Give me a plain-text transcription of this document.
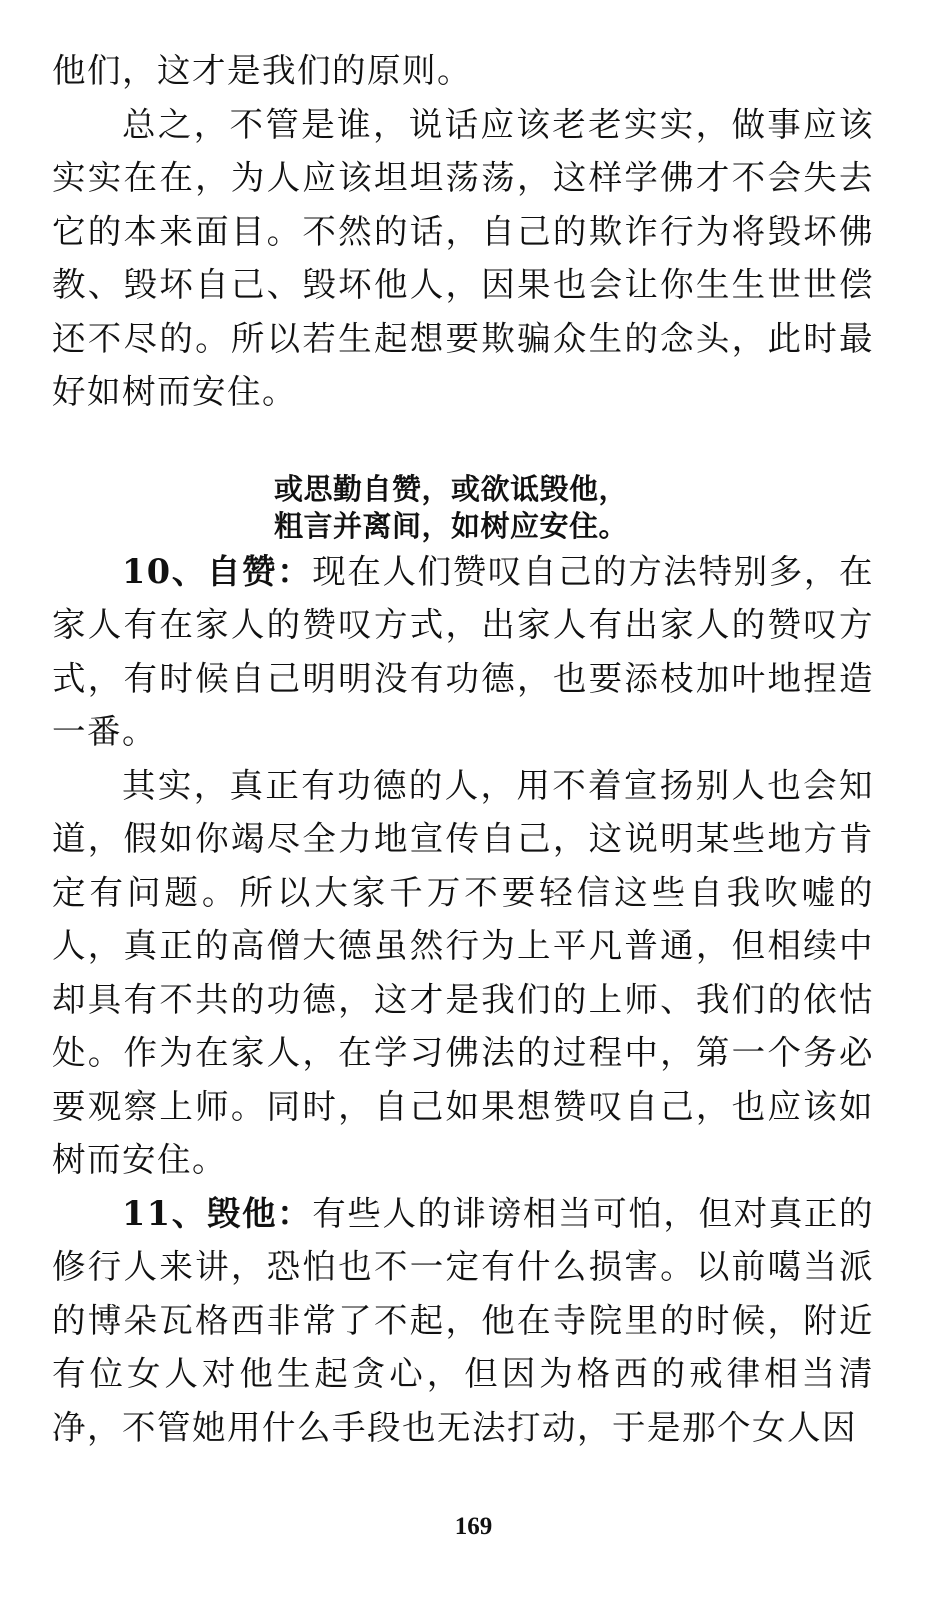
他们，这才是我们的原则。

总之，不管是谁，说话应该老老实实，做事应该实实在在，为人应该坦坦荡荡，这样学佛才不会失去它的本来面目。不然的话，自己的欺诈行为将毁坏佛教、毁坏自己、毁坏他人，因果也会让你生生世世偿还不尽的。所以若生起想要欺骗众生的念头，此时最好如树而安住。

或思勤自赞，或欲诋毁他，
粗言并离间，如树应安住。

10、自赞：现在人们赞叹自己的方法特别多，在家人有在家人的赞叹方式，出家人有出家人的赞叹方式，有时候自己明明没有功德，也要添枝加叶地捏造一番。

其实，真正有功德的人，用不着宣扬别人也会知道，假如你竭尽全力地宣传自己，这说明某些地方肯定有问题。所以大家千万不要轻信这些自我吹嘘的人，真正的高僧大德虽然行为上平凡普通，但相续中却具有不共的功德，这才是我们的上师、我们的依怙处。作为在家人，在学习佛法的过程中，第一个务必要观察上师。同时，自己如果想赞叹自己，也应该如树而安住。

11、毁他：有些人的诽谤相当可怕，但对真正的修行人来讲，恐怕也不一定有什么损害。以前噶当派的博朵瓦格西非常了不起，他在寺院里的时候，附近有位女人对他生起贪心，但因为格西的戒律相当清净，不管她用什么手段也无法打动，于是那个女人因

169
